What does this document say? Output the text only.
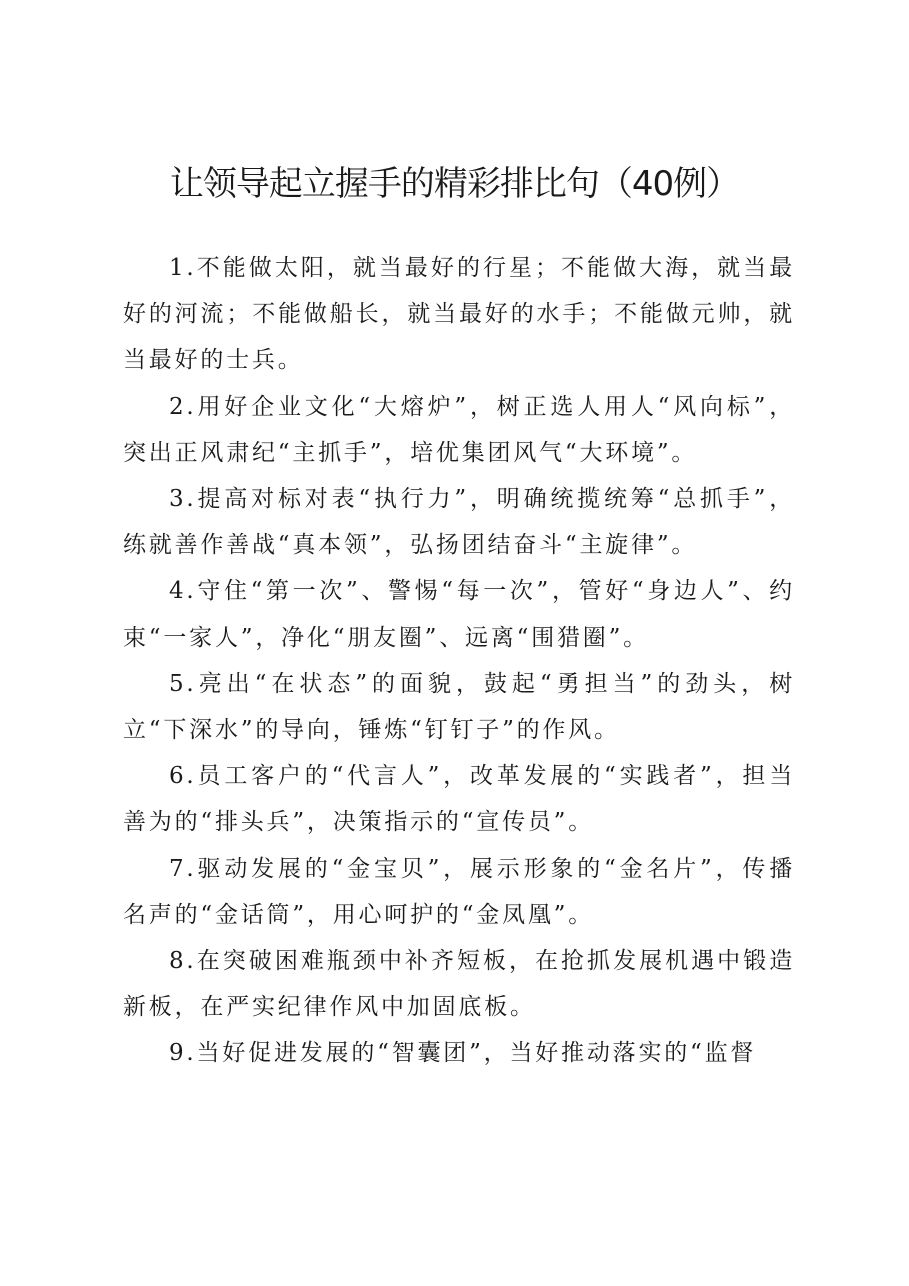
让领导起立握手的精彩排比句（40例）

1.不能做太阳，就当最好的行星；不能做大海，就当最好的河流；不能做船长，就当最好的水手；不能做元帅，就当最好的士兵。

2.用好企业文化“大熔炉”，树正选人用人“风向标”，突出正风肃纪“主抓手”，培优集团风气“大环境”。

3.提高对标对表“执行力”，明确统揽统筹“总抓手”，练就善作善战“真本领”，弘扬团结奋斗“主旋律”。

4.守住“第一次”、警惕“每一次”，管好“身边人”、约束“一家人”，净化“朋友圈”、远离“围猎圈”。

5.亮出“在状态”的面貌，鼓起“勇担当”的劲头，树立“下深水”的导向，锤炼“钉钉子”的作风。

6.员工客户的“代言人”，改革发展的“实践者”，担当善为的“排头兵”，决策指示的“宣传员”。

7.驱动发展的“金宝贝”，展示形象的“金名片”，传播名声的“金话筒”，用心呵护的“金凤凰”。

8.在突破困难瓶颈中补齐短板，在抢抓发展机遇中锻造新板，在严实纪律作风中加固底板。

9.当好促进发展的“智囊团”，当好推动落实的“监督
